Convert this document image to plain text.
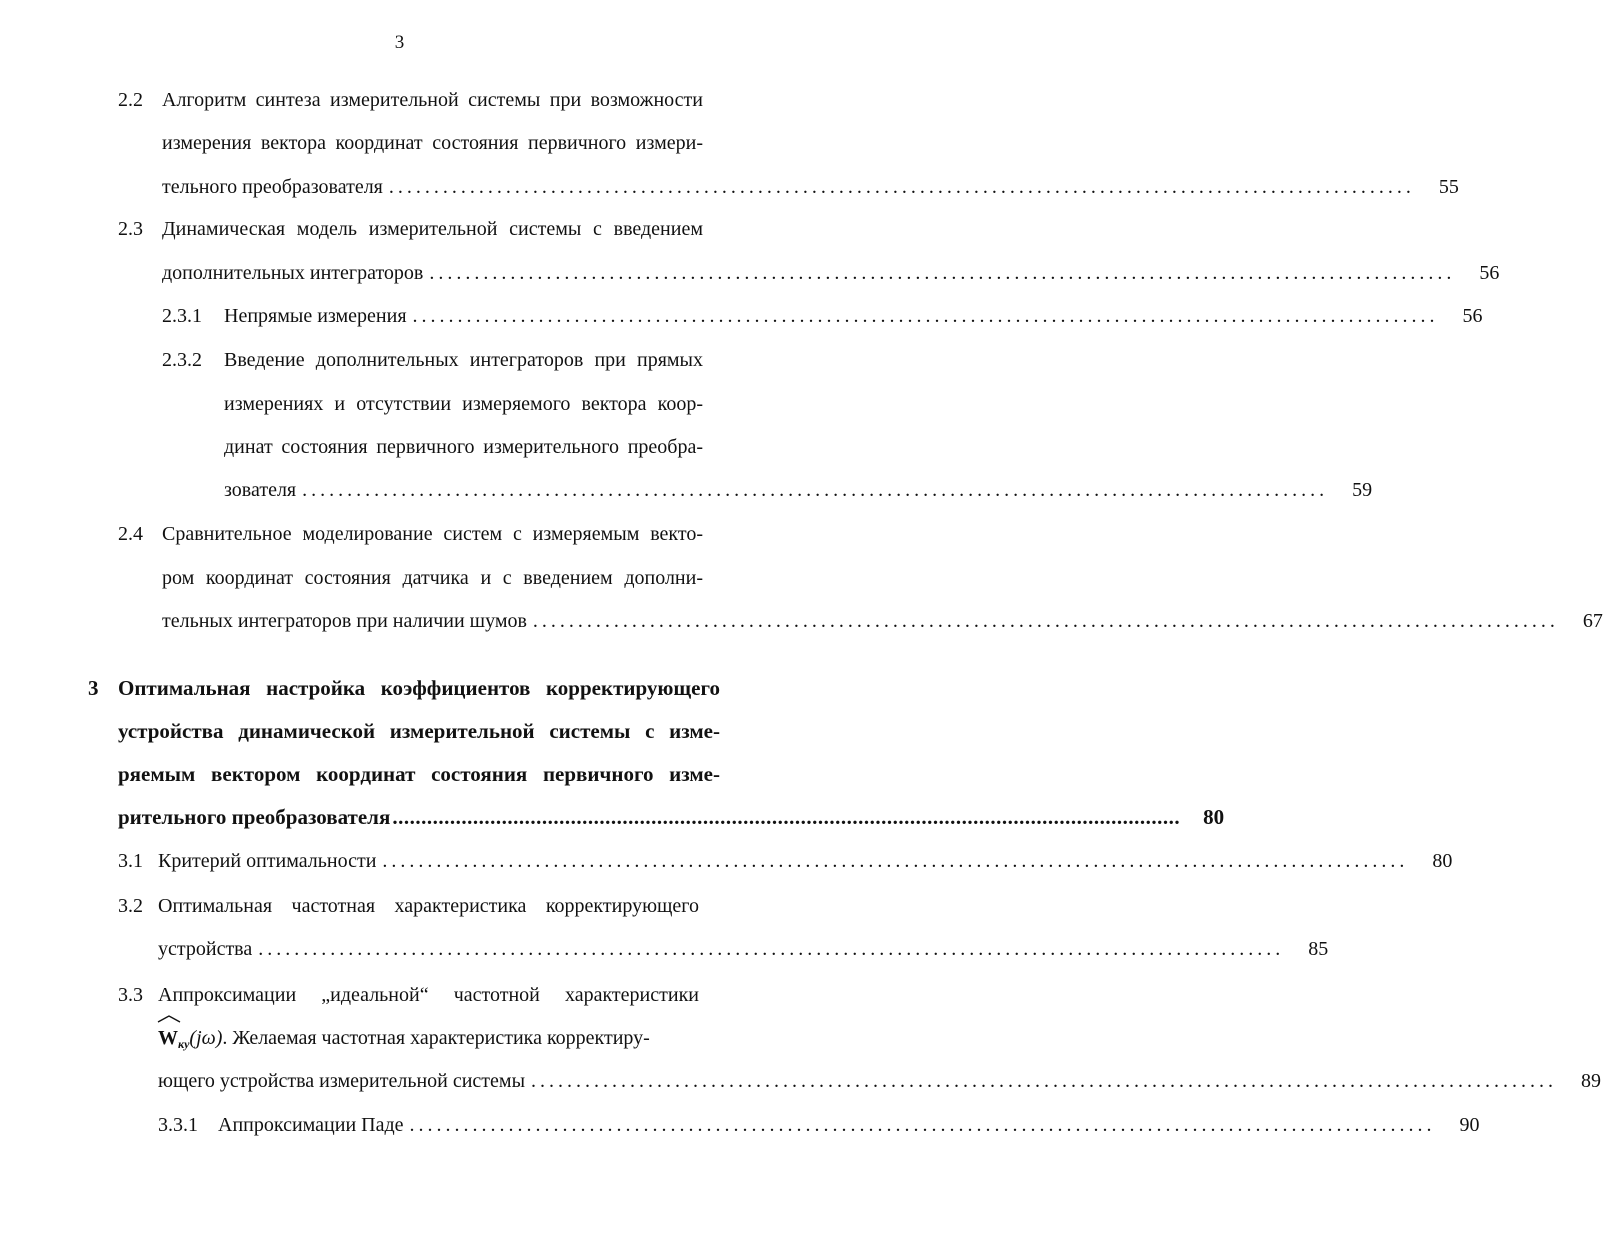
3
2.2 Алгоритм синтеза измерительной системы при возможности
измерения вектора координат состояния первичного измери-
тельного преобразователя ..................................................................................................................	55
2.3 Динамическая модель измерительной системы с введением
дополнительных интеграторов ..................................................................................................................	56
2.3.1 Непрямые измерения ..................................................................................................................	56
2.3.2 Введение дополнительных интеграторов при прямых
измерениях и отсутствии измеряемого вектора коор-
динат состояния первичного измерительного преобра-
зователя ..................................................................................................................	59
2.4 Сравнительное моделирование систем с измеряемым векто-
ром координат состояния датчика и с введением дополни-
тельных интеграторов при наличии шумов ..................................................................................................................	67
3 Оптимальная настройка коэффициентов корректирующего
устройства динамической измерительной системы с изме-
ряемым вектором координат состояния первичного изме-
рительного преобразователя .........................................................................................................................................	80
3.1 Критерий оптимальности ..................................................................................................................	80
3.2 Оптимальная частотная характеристика корректирующего
устройства ..................................................................................................................	85
3.3 Аппроксимации „идеальной“ частотной характеристики
$W_{ку}(j\omega)$. Желаемая частотная характеристика корректиру-
ющего устройства измерительной системы ..................................................................................................................	89
3.3.1 Аппроксимации Паде ..................................................................................................................	90
